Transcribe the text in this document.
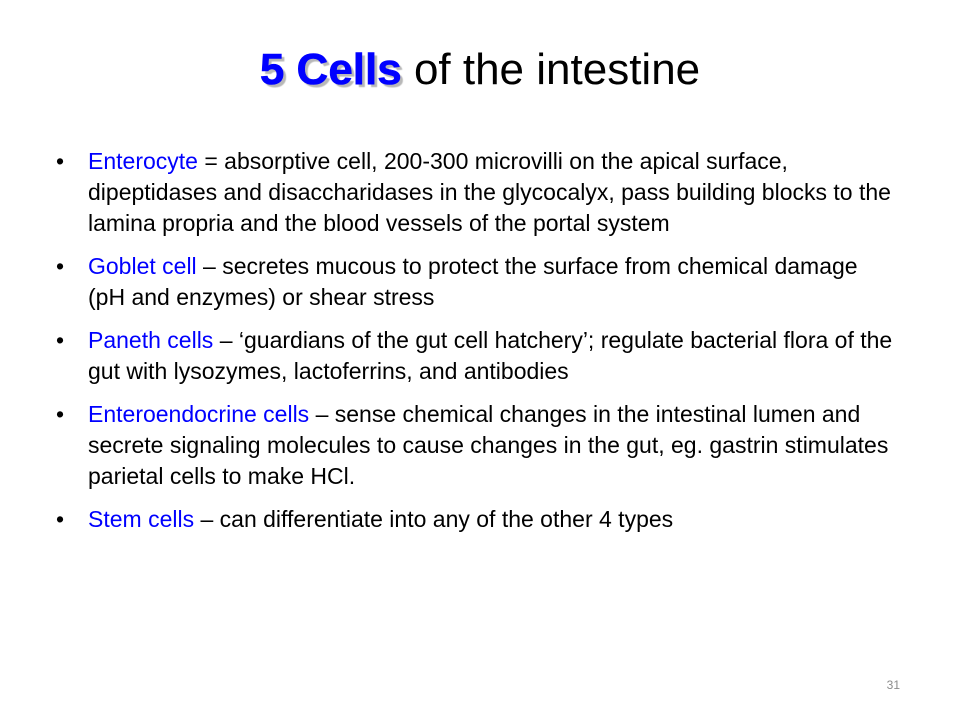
5 Cells of the intestine
• Enterocyte = absorptive cell, 200-300 microvilli on the apical surface, dipeptidases and disaccharidases in the glycocalyx, pass building blocks to the lamina propria and the blood vessels of the portal system
• Goblet cell – secretes mucous to protect the surface from chemical damage (pH and enzymes) or shear stress
• Paneth cells – ‘guardians of the gut cell hatchery’; regulate bacterial flora of the gut with lysozymes, lactoferrins, and antibodies
• Enteroendocrine cells – sense chemical changes in the intestinal lumen and secrete signaling molecules to cause changes in the gut, eg. gastrin stimulates parietal cells to make HCl.
• Stem cells – can differentiate into any of the other 4 types
31
